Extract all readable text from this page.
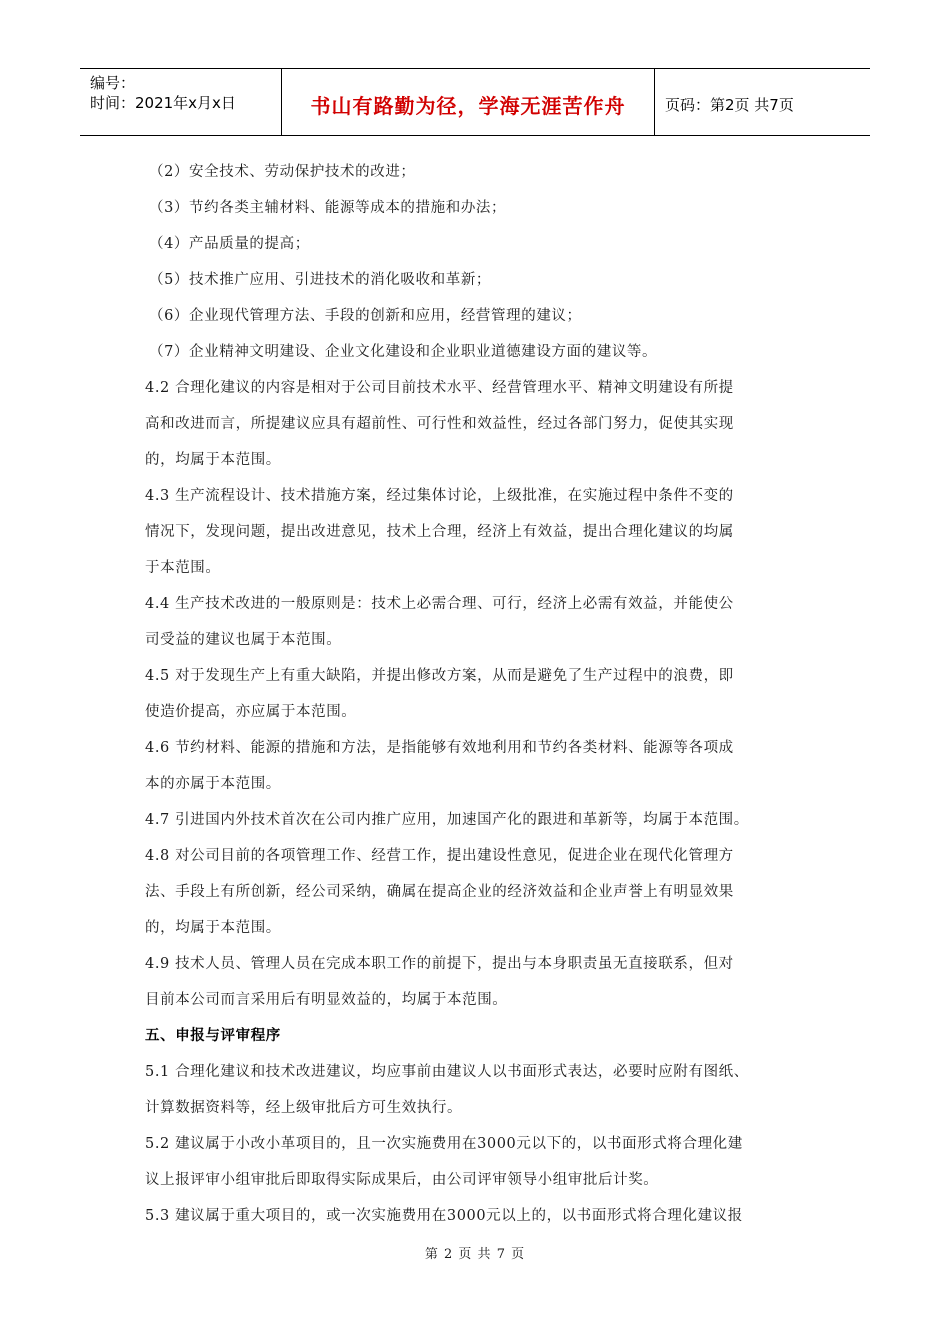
编号：
时间：2021年x月x日	书山有路勤为径，学海无涯苦作舟	页码：第2页 共7页
（2）安全技术、劳动保护技术的改进；
（3）节约各类主辅材料、能源等成本的措施和办法；
（4）产品质量的提高；
（5）技术推广应用、引进技术的消化吸收和革新；
（6）企业现代管理方法、手段的创新和应用，经营管理的建议；
（7）企业精神文明建设、企业文化建设和企业职业道德建设方面的建议等。
4.2 合理化建议的内容是相对于公司目前技术水平、经营管理水平、精神文明建设有所提
高和改进而言，所提建议应具有超前性、可行性和效益性，经过各部门努力，促使其实现
的，均属于本范围。
4.3 生产流程设计、技术措施方案，经过集体讨论，上级批准，在实施过程中条件不变的
情况下，发现问题，提出改进意见，技术上合理，经济上有效益，提出合理化建议的均属
于本范围。
4.4 生产技术改进的一般原则是：技术上必需合理、可行，经济上必需有效益，并能使公
司受益的建议也属于本范围。
4.5 对于发现生产上有重大缺陷，并提出修改方案，从而是避免了生产过程中的浪费，即
使造价提高，亦应属于本范围。
4.6 节约材料、能源的措施和方法，是指能够有效地利用和节约各类材料、能源等各项成
本的亦属于本范围。
4.7 引进国内外技术首次在公司内推广应用，加速国产化的跟进和革新等，均属于本范围。
4.8 对公司目前的各项管理工作、经营工作，提出建设性意见，促进企业在现代化管理方
法、手段上有所创新，经公司采纳，确属在提高企业的经济效益和企业声誉上有明显效果
的，均属于本范围。
4.9 技术人员、管理人员在完成本职工作的前提下，提出与本身职责虽无直接联系，但对
目前本公司而言采用后有明显效益的，均属于本范围。
五、申报与评审程序
5.1 合理化建议和技术改进建议，均应事前由建议人以书面形式表达，必要时应附有图纸、
计算数据资料等，经上级审批后方可生效执行。
5.2 建议属于小改小革项目的，且一次实施费用在3000元以下的，以书面形式将合理化建
议上报评审小组审批后即取得实际成果后，由公司评审领导小组审批后计奖。
5.3 建议属于重大项目的，或一次实施费用在3000元以上的，以书面形式将合理化建议报
第 2 页 共 7 页
